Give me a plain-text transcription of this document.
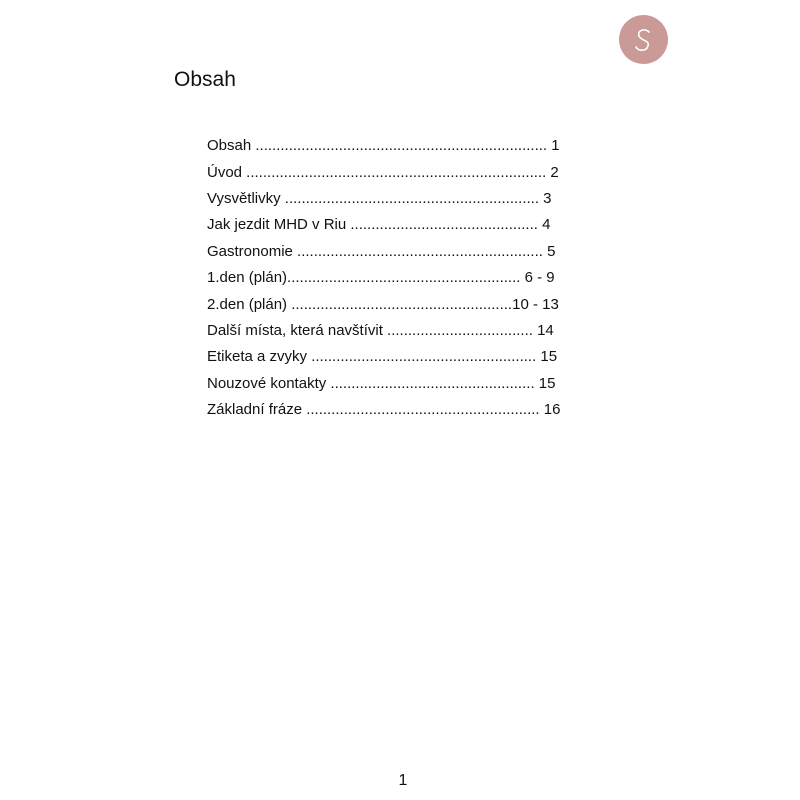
Obsah
Obsah ...................................................................... 1
Úvod ........................................................................ 2
Vysvětlivky ............................................................. 3
Jak jezdit MHD v Riu ............................................. 4
Gastronomie ........................................................... 5
1.den (plán)........................................................ 6 - 9
2.den (plán) .....................................................10 - 13
Další místa, která navštívit ................................... 14
Etiketa a zvyky ...................................................... 15
Nouzové kontakty ................................................. 15
Základní fráze ........................................................ 16
1
